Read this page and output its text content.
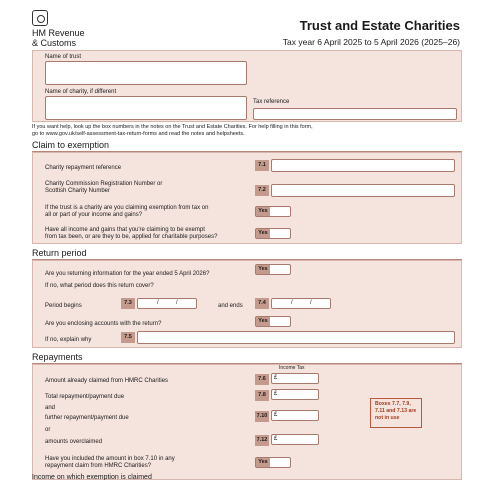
HM Revenue
& Customs
Trust and Estate Charities
Tax year 6 April 2025 to 5 April 2026 (2025–26)
Name of trust
Name of charity, if different
Tax reference
If you want help, look up the box numbers in the notes on the Trust and Estate Charities. For help filling in this form,
go to www.gov.uk/self-assessment-tax-return-forms and read the notes and helpsheets.
Claim to exemption
Charity repayment reference	7.1
Charity Commission Registration Number or
Scottish Charity Number	7.2
If the trust is a charity are you claiming exemption from tax on
all or part of your income and gains?
Yes
Have all income and gains that you're claiming to be exempt
from tax been, or are they to be, applied for charitable purposes?
Yes
Return period
Are you returning information for the year ended 5 April 2026?
Yes
If no, what period does this return cover?
Period begins	7.3	/	/	and ends	7.4	/	/
Are you enclosing accounts with the return?	Yes
If no, explain why	7.5
Repayments
Income Tax
Amount already claimed from HMRC Charities	7.6	£
Total repayment/payment due	7.8	£
and
further repayment/payment due	7.10	£
or
amounts overclaimed	7.12	£
Have you included the amount in box 7.10 in any
repayment claim from HMRC Charities?
Yes
Boxes 7.7, 7.9, 7.11 and 7.13 are not in use
Income on which exemption is claimed
